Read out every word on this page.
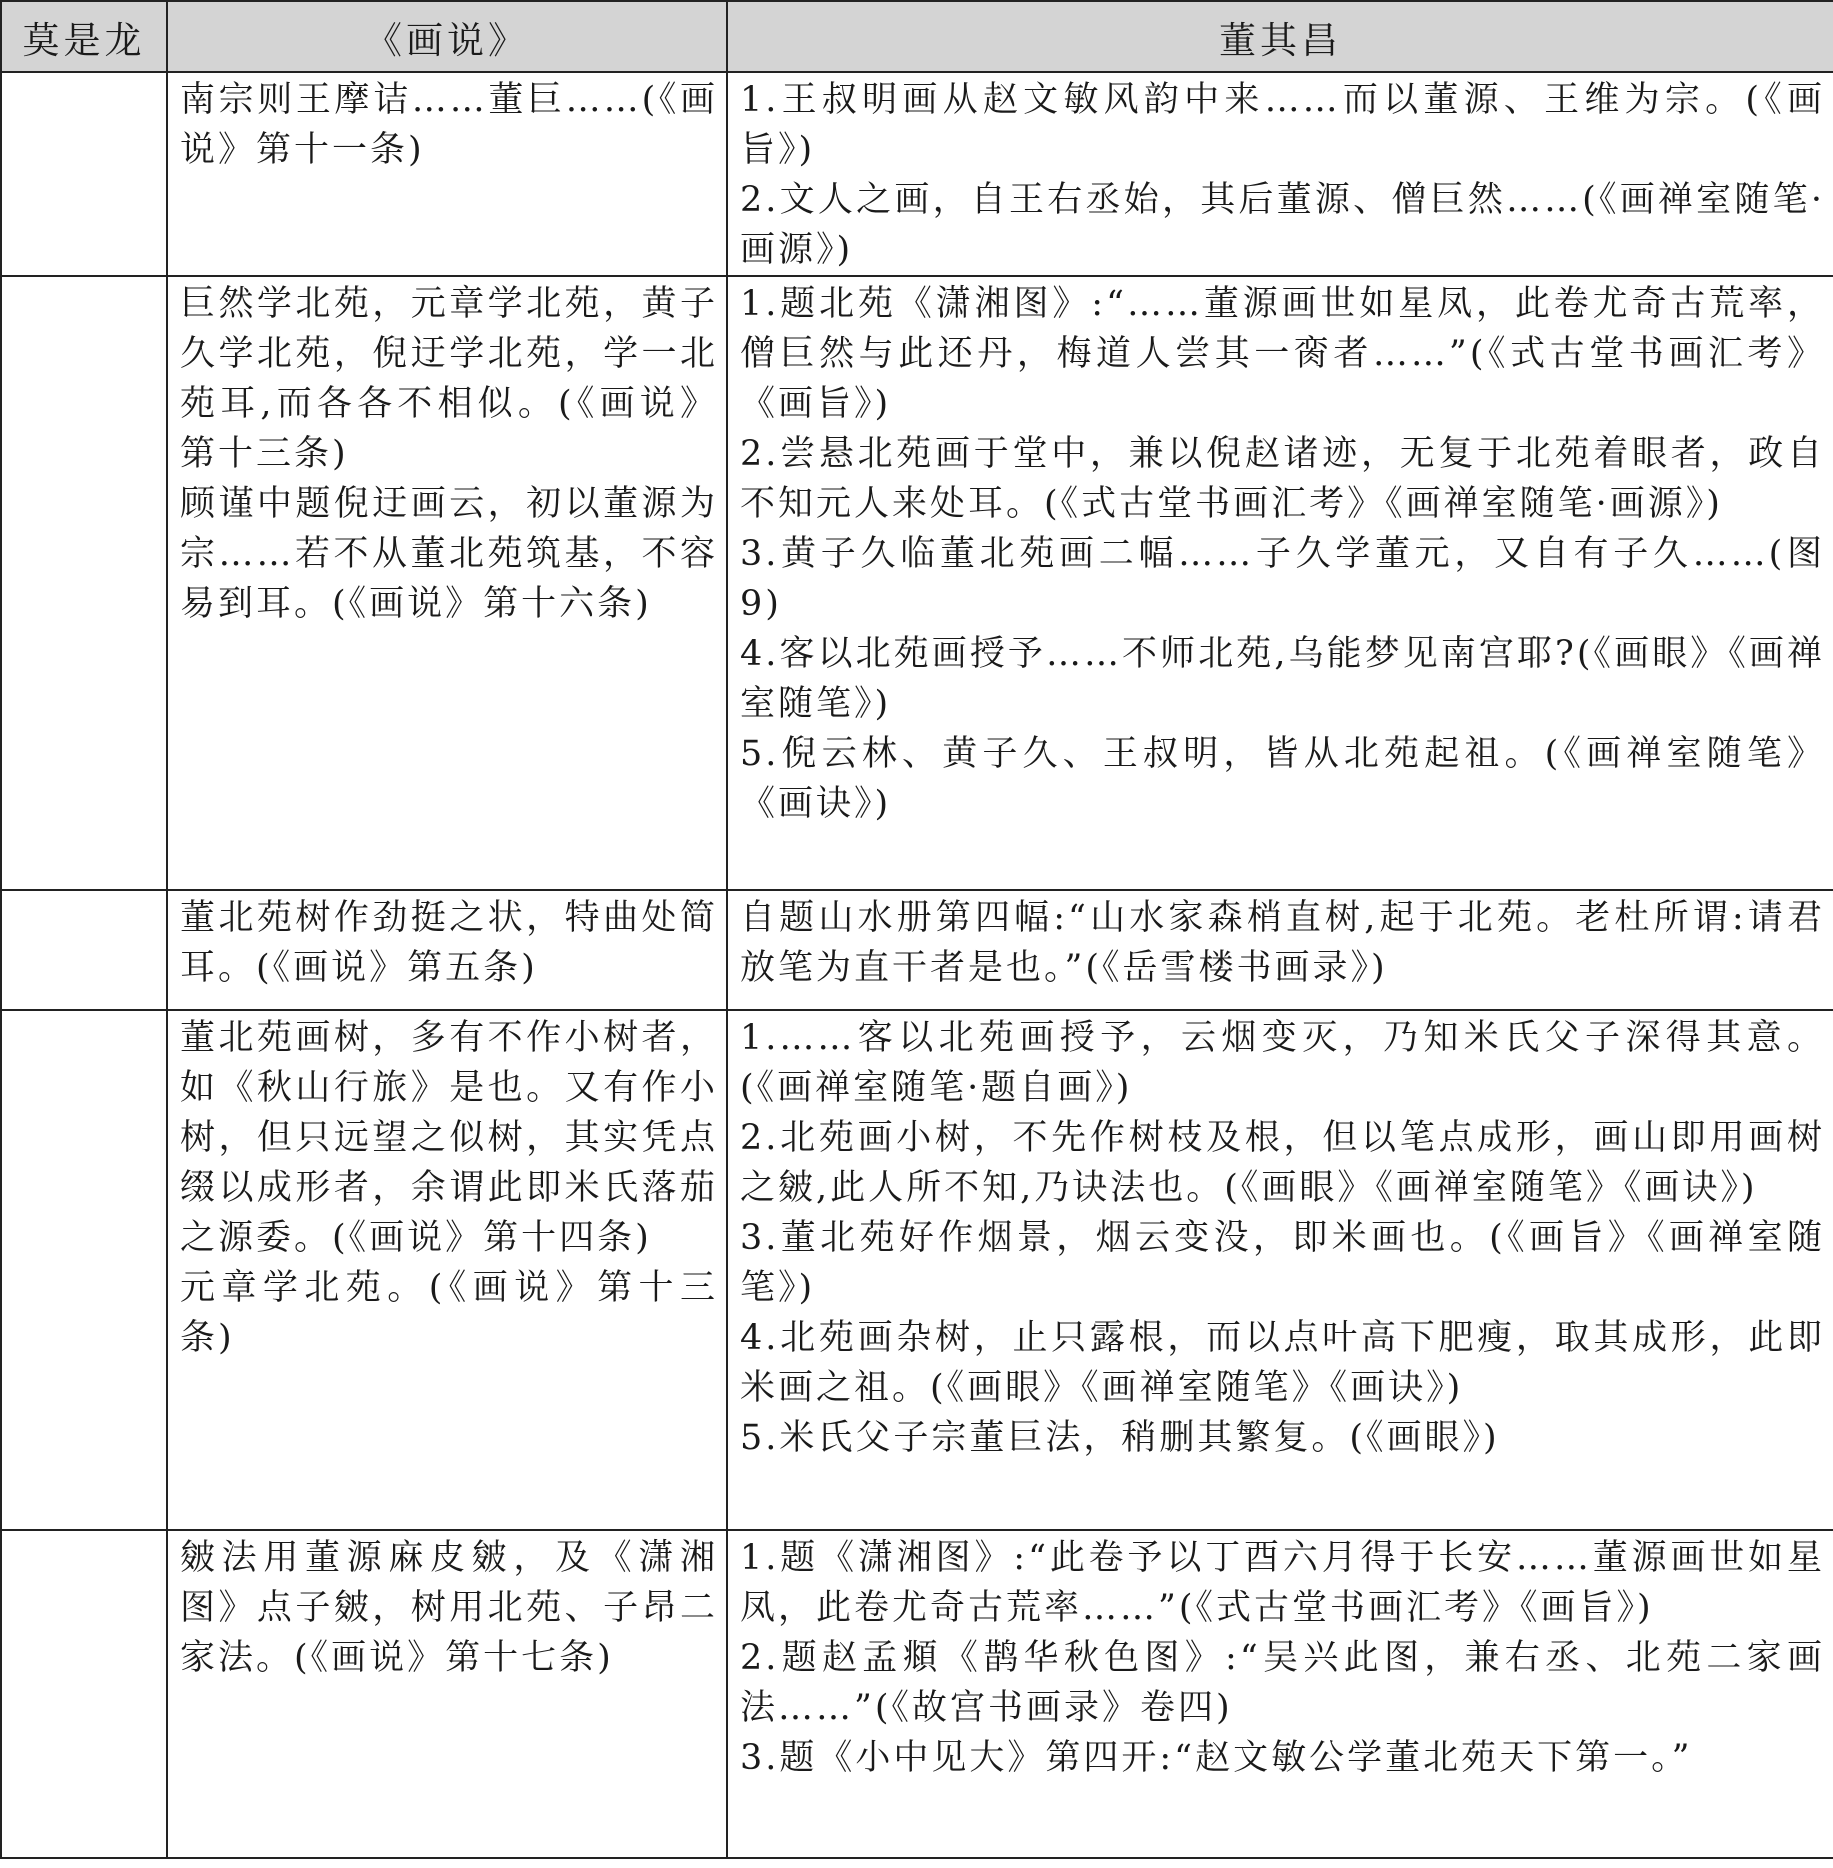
莫是龙	《画说》	董其昌

	南宗则王摩诘……董巨……(《画说》第十一条)	1.王叔明画从赵文敏风韵中来……而以董源、王维为宗。(《画旨》)
2.文人之画，自王右丞始，其后董源、僧巨然……(《画禅室随笔·画源》)

	巨然学北苑，元章学北苑，黄子久学北苑，倪迂学北苑，学一北苑耳,而各各不相似。(《画说》第十三条)
顾谨中题倪迂画云，初以董源为宗……若不从董北苑筑基，不容易到耳。(《画说》第十六条)	1.题北苑《潇湘图》:“……董源画世如星凤，此卷尤奇古荒率，僧巨然与此还丹，梅道人尝其一脔者……”(《式古堂书画汇考》《画旨》)
2.尝悬北苑画于堂中，兼以倪赵诸迹，无复于北苑着眼者，政自不知元人来处耳。(《式古堂书画汇考》《画禅室随笔·画源》)
3.黄子久临董北苑画二幅……子久学董元，又自有子久……(图9)
4.客以北苑画授予……不师北苑,乌能梦见南宫耶?(《画眼》《画禅室随笔》)
5.倪云林、黄子久、王叔明，皆从北苑起祖。(《画禅室随笔》《画诀》)

	董北苑树作劲挺之状，特曲处简耳。(《画说》第五条)	自题山水册第四幅:“山水家森梢直树,起于北苑。老杜所谓:请君放笔为直干者是也。”(《岳雪楼书画录》)

	董北苑画树，多有不作小树者，如《秋山行旅》是也。又有作小树，但只远望之似树，其实凭点缀以成形者，余谓此即米氏落茄之源委。(《画说》第十四条)
元章学北苑。(《画说》第十三条)	1.……客以北苑画授予，云烟变灭，乃知米氏父子深得其意。(《画禅室随笔·题自画》)
2.北苑画小树，不先作树枝及根，但以笔点成形，画山即用画树之皴,此人所不知,乃诀法也。(《画眼》《画禅室随笔》《画诀》)
3.董北苑好作烟景，烟云变没，即米画也。(《画旨》《画禅室随笔》)
4.北苑画杂树，止只露根，而以点叶高下肥瘦，取其成形，此即米画之祖。(《画眼》《画禅室随笔》《画诀》)
5.米氏父子宗董巨法，稍删其繁复。(《画眼》)

	皴法用董源麻皮皴，及《潇湘图》点子皴，树用北苑、子昂二家法。(《画说》第十七条)	1.题《潇湘图》:“此卷予以丁酉六月得于长安……董源画世如星凤，此卷尤奇古荒率……”(《式古堂书画汇考》《画旨》)
2.题赵孟頫《鹊华秋色图》:“吴兴此图，兼右丞、北苑二家画法……”(《故宫书画录》卷四)
3.题《小中见大》第四开:“赵文敏公学董北苑天下第一。”
